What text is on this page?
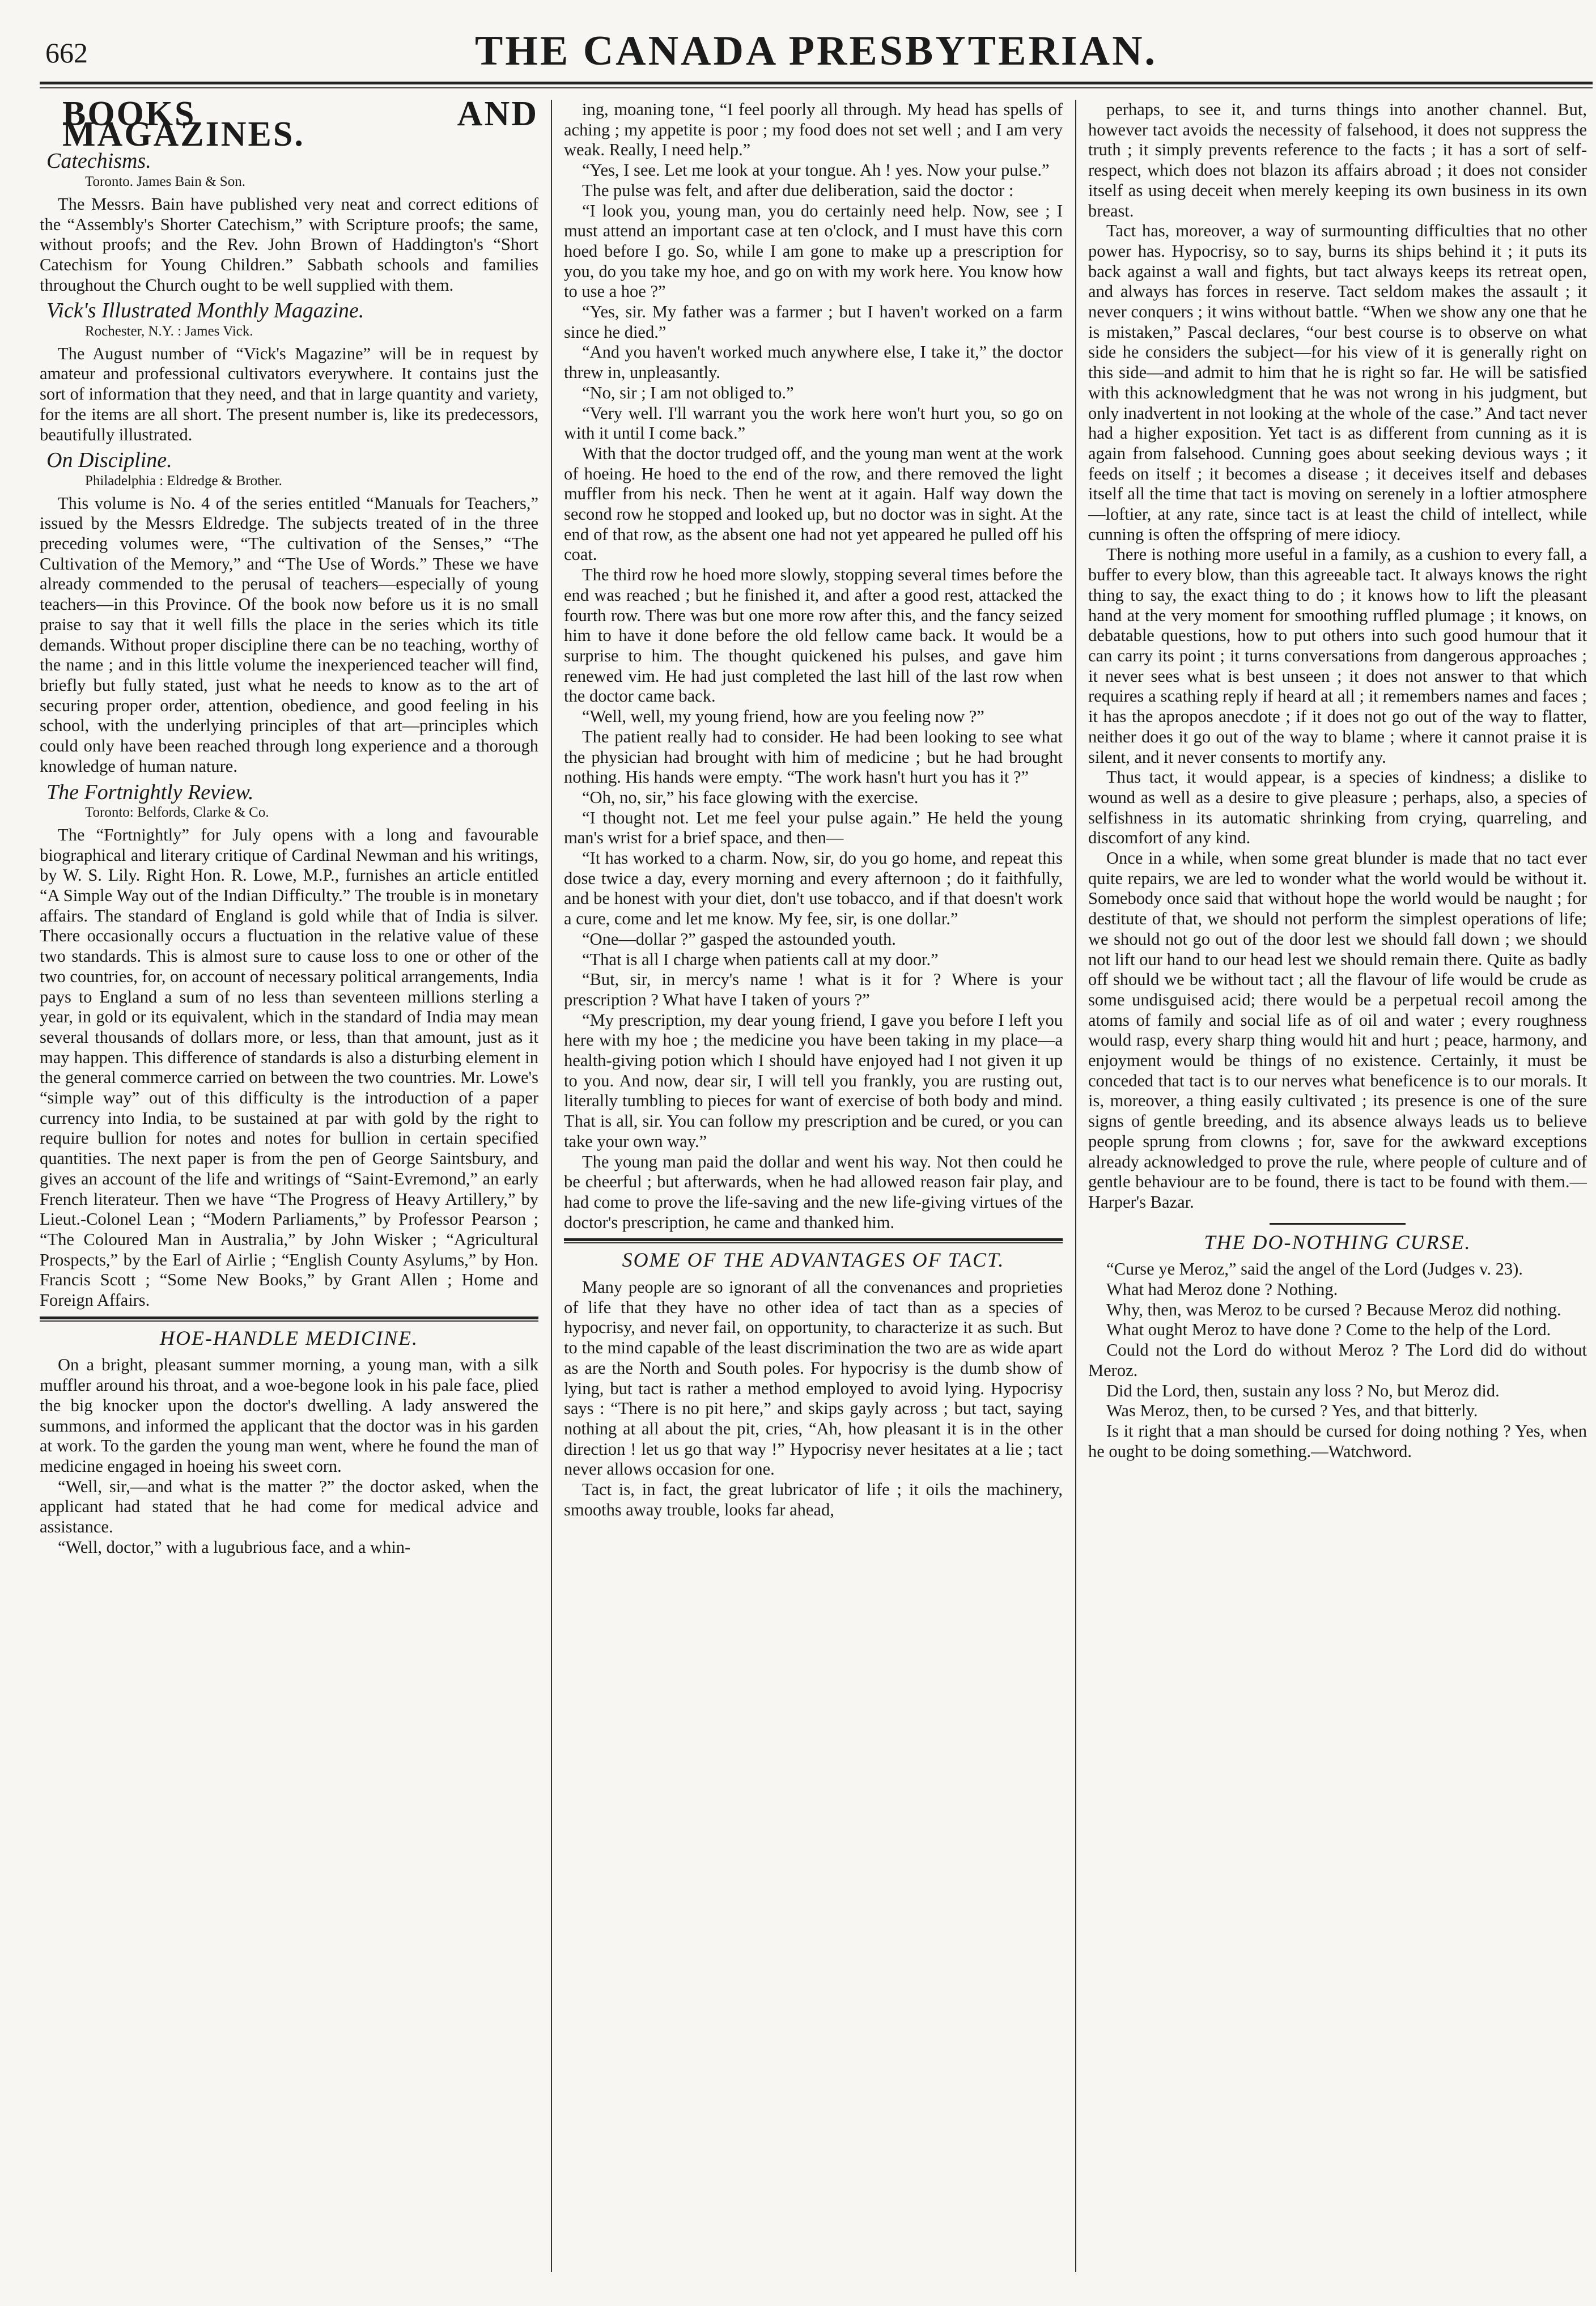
662	THE CANADA PRESBYTERIAN.
BOOKS AND MAGAZINES.

Catechisms.

Toronto. James Bain & Son.

The Messrs. Bain have published very neat and correct editions of the “Assembly's Shorter Catechism,” with Scripture proofs; the same, without proofs; and the Rev. John Brown of Haddington's “Short Catechism for Young Children.” Sabbath schools and families throughout the Church ought to be well supplied with them.

Vick's Illustrated Monthly Magazine.

Rochester, N.Y. : James Vick.

The August number of “Vick's Magazine” will be in request by amateur and professional cultivators everywhere. It contains just the sort of information that they need, and that in large quantity and variety, for the items are all short. The present number is, like its predecessors, beautifully illustrated.

On Discipline.

Philadelphia : Eldredge & Brother.

This volume is No. 4 of the series entitled “Manuals for Teachers,” issued by the Messrs Eldredge. The subjects treated of in the three preceding volumes were, “The cultivation of the Senses,” “The Cultivation of the Memory,” and “The Use of Words.” These we have already commended to the perusal of teachers—especially of young teachers—in this Province. Of the book now before us it is no small praise to say that it well fills the place in the series which its title demands. Without proper discipline there can be no teaching, worthy of the name ; and in this little volume the inexperienced teacher will find, briefly but fully stated, just what he needs to know as to the art of securing proper order, attention, obedience, and good feeling in his school, with the underlying principles of that art—principles which could only have been reached through long experience and a thorough knowledge of human nature.

The Fortnightly Review.

Toronto: Belfords, Clarke & Co.

The “Fortnightly” for July opens with a long and favourable biographical and literary critique of Cardinal Newman and his writings, by W. S. Lily. Right Hon. R. Lowe, M.P., furnishes an article entitled “A Simple Way out of the Indian Difficulty.” The trouble is in monetary affairs. The standard of England is gold while that of India is silver. There occasionally occurs a fluctuation in the relative value of these two standards. This is almost sure to cause loss to one or other of the two countries, for, on account of necessary political arrangements, India pays to England a sum of no less than seventeen millions sterling a year, in gold or its equivalent, which in the standard of India may mean several thousands of dollars more, or less, than that amount, just as it may happen. This difference of standards is also a disturbing element in the general commerce carried on between the two countries. Mr. Lowe's “simple way” out of this difficulty is the introduction of a paper currency into India, to be sustained at par with gold by the right to require bullion for notes and notes for bullion in certain specified quantities. The next paper is from the pen of George Saintsbury, and gives an account of the life and writings of “Saint-Evremond,” an early French literateur. Then we have “The Progress of Heavy Artillery,” by Lieut.-Colonel Lean ; “Modern Parliaments,” by Professor Pearson ; “The Coloured Man in Australia,” by John Wisker ; “Agricultural Prospects,” by the Earl of Airlie ; “English County Asylums,” by Hon. Francis Scott ; “Some New Books,” by Grant Allen ; Home and Foreign Affairs.

HOE-HANDLE MEDICINE.

On a bright, pleasant summer morning, a young man, with a silk muffler around his throat, and a woe-begone look in his pale face, plied the big knocker upon the doctor's dwelling. A lady answered the summons, and informed the applicant that the doctor was in his garden at work. To the garden the young man went, where he found the man of medicine engaged in hoeing his sweet corn.

“Well, sir,—and what is the matter ?” the doctor asked, when the applicant had stated that he had come for medical advice and assistance.

“Well, doctor,” with a lugubrious face, and a whin-

ing, moaning tone, “I feel poorly all through. My head has spells of aching ; my appetite is poor ; my food does not set well ; and I am very weak. Really, I need help.”

“Yes, I see. Let me look at your tongue. Ah ! yes. Now your pulse.”

The pulse was felt, and after due deliberation, said the doctor :

“I look you, young man, you do certainly need help. Now, see ; I must attend an important case at ten o'clock, and I must have this corn hoed before I go. So, while I am gone to make up a prescription for you, do you take my hoe, and go on with my work here. You know how to use a hoe ?”

“Yes, sir. My father was a farmer ; but I haven't worked on a farm since he died.”

“And you haven't worked much anywhere else, I take it,” the doctor threw in, unpleasantly.

“No, sir ; I am not obliged to.”

“Very well. I'll warrant you the work here won't hurt you, so go on with it until I come back.”

With that the doctor trudged off, and the young man went at the work of hoeing. He hoed to the end of the row, and there removed the light muffler from his neck. Then he went at it again. Half way down the second row he stopped and looked up, but no doctor was in sight. At the end of that row, as the absent one had not yet appeared he pulled off his coat.

The third row he hoed more slowly, stopping several times before the end was reached ; but he finished it, and after a good rest, attacked the fourth row. There was but one more row after this, and the fancy seized him to have it done before the old fellow came back. It would be a surprise to him. The thought quickened his pulses, and gave him renewed vim. He had just completed the last hill of the last row when the doctor came back.

“Well, well, my young friend, how are you feeling now ?”

The patient really had to consider. He had been looking to see what the physician had brought with him of medicine ; but he had brought nothing. His hands were empty. “The work hasn't hurt you has it ?”

“Oh, no, sir,” his face glowing with the exercise.

“I thought not. Let me feel your pulse again.” He held the young man's wrist for a brief space, and then—

“It has worked to a charm. Now, sir, do you go home, and repeat this dose twice a day, every morning and every afternoon ; do it faithfully, and be honest with your diet, don't use tobacco, and if that doesn't work a cure, come and let me know. My fee, sir, is one dollar.”

“One—dollar ?” gasped the astounded youth.

“That is all I charge when patients call at my door.”

“But, sir, in mercy's name ! what is it for ? Where is your prescription ? What have I taken of yours ?”

“My prescription, my dear young friend, I gave you before I left you here with my hoe ; the medicine you have been taking in my place—a health-giving potion which I should have enjoyed had I not given it up to you. And now, dear sir, I will tell you frankly, you are rusting out, literally tumbling to pieces for want of exercise of both body and mind. That is all, sir. You can follow my prescription and be cured, or you can take your own way.”

The young man paid the dollar and went his way. Not then could he be cheerful ; but afterwards, when he had allowed reason fair play, and had come to prove the life-saving and the new life-giving virtues of the doctor's prescription, he came and thanked him.

SOME OF THE ADVANTAGES OF TACT.

Many people are so ignorant of all the convenances and proprieties of life that they have no other idea of tact than as a species of hypocrisy, and never fail, on opportunity, to characterize it as such. But to the mind capable of the least discrimination the two are as wide apart as are the North and South poles. For hypocrisy is the dumb show of lying, but tact is rather a method employed to avoid lying. Hypocrisy says : “There is no pit here,” and skips gayly across ; but tact, saying nothing at all about the pit, cries, “Ah, how pleasant it is in the other direction ! let us go that way !” Hypocrisy never hesitates at a lie ; tact never allows occasion for one.

Tact is, in fact, the great lubricator of life ; it oils the machinery, smooths away trouble, looks far ahead,

perhaps, to see it, and turns things into another channel. But, however tact avoids the necessity of falsehood, it does not suppress the truth ; it simply prevents reference to the facts ; it has a sort of self-respect, which does not blazon its affairs abroad ; it does not consider itself as using deceit when merely keeping its own business in its own breast.

Tact has, moreover, a way of surmounting difficulties that no other power has. Hypocrisy, so to say, burns its ships behind it ; it puts its back against a wall and fights, but tact always keeps its retreat open, and always has forces in reserve. Tact seldom makes the assault ; it never conquers ; it wins without battle. “When we show any one that he is mistaken,” Pascal declares, “our best course is to observe on what side he considers the subject—for his view of it is generally right on this side—and admit to him that he is right so far. He will be satisfied with this acknowledgment that he was not wrong in his judgment, but only inadvertent in not looking at the whole of the case.” And tact never had a higher exposition. Yet tact is as different from cunning as it is again from falsehood. Cunning goes about seeking devious ways ; it feeds on itself ; it becomes a disease ; it deceives itself and debases itself all the time that tact is moving on serenely in a loftier atmosphere—loftier, at any rate, since tact is at least the child of intellect, while cunning is often the offspring of mere idiocy.

There is nothing more useful in a family, as a cushion to every fall, a buffer to every blow, than this agreeable tact. It always knows the right thing to say, the exact thing to do ; it knows how to lift the pleasant hand at the very moment for smoothing ruffled plumage ; it knows, on debatable questions, how to put others into such good humour that it can carry its point ; it turns conversations from dangerous approaches ; it never sees what is best unseen ; it does not answer to that which requires a scathing reply if heard at all ; it remembers names and faces ; it has the apropos anecdote ; if it does not go out of the way to flatter, neither does it go out of the way to blame ; where it cannot praise it is silent, and it never consents to mortify any.

Thus tact, it would appear, is a species of kindness; a dislike to wound as well as a desire to give pleasure ; perhaps, also, a species of selfishness in its automatic shrinking from crying, quarreling, and discomfort of any kind.

Once in a while, when some great blunder is made that no tact ever quite repairs, we are led to wonder what the world would be without it. Somebody once said that without hope the world would be naught ; for destitute of that, we should not perform the simplest operations of life; we should not go out of the door lest we should fall down ; we should not lift our hand to our head lest we should remain there. Quite as badly off should we be without tact ; all the flavour of life would be crude as some undisguised acid; there would be a perpetual recoil among the atoms of family and social life as of oil and water ; every roughness would rasp, every sharp thing would hit and hurt ; peace, harmony, and enjoyment would be things of no existence. Certainly, it must be conceded that tact is to our nerves what beneficence is to our morals. It is, moreover, a thing easily cultivated ; its presence is one of the sure signs of gentle breeding, and its absence always leads us to believe people sprung from clowns ; for, save for the awkward exceptions already acknowledged to prove the rule, where people of culture and of gentle behaviour are to be found, there is tact to be found with them.—Harper's Bazar.

THE DO-NOTHING CURSE.

“Curse ye Meroz,” said the angel of the Lord (Judges v. 23).

What had Meroz done ? Nothing.

Why, then, was Meroz to be cursed ? Because Meroz did nothing.

What ought Meroz to have done ? Come to the help of the Lord.

Could not the Lord do without Meroz ? The Lord did do without Meroz.

Did the Lord, then, sustain any loss ? No, but Meroz did.

Was Meroz, then, to be cursed ? Yes, and that bitterly.

Is it right that a man should be cursed for doing nothing ? Yes, when he ought to be doing something.—Watchword.
